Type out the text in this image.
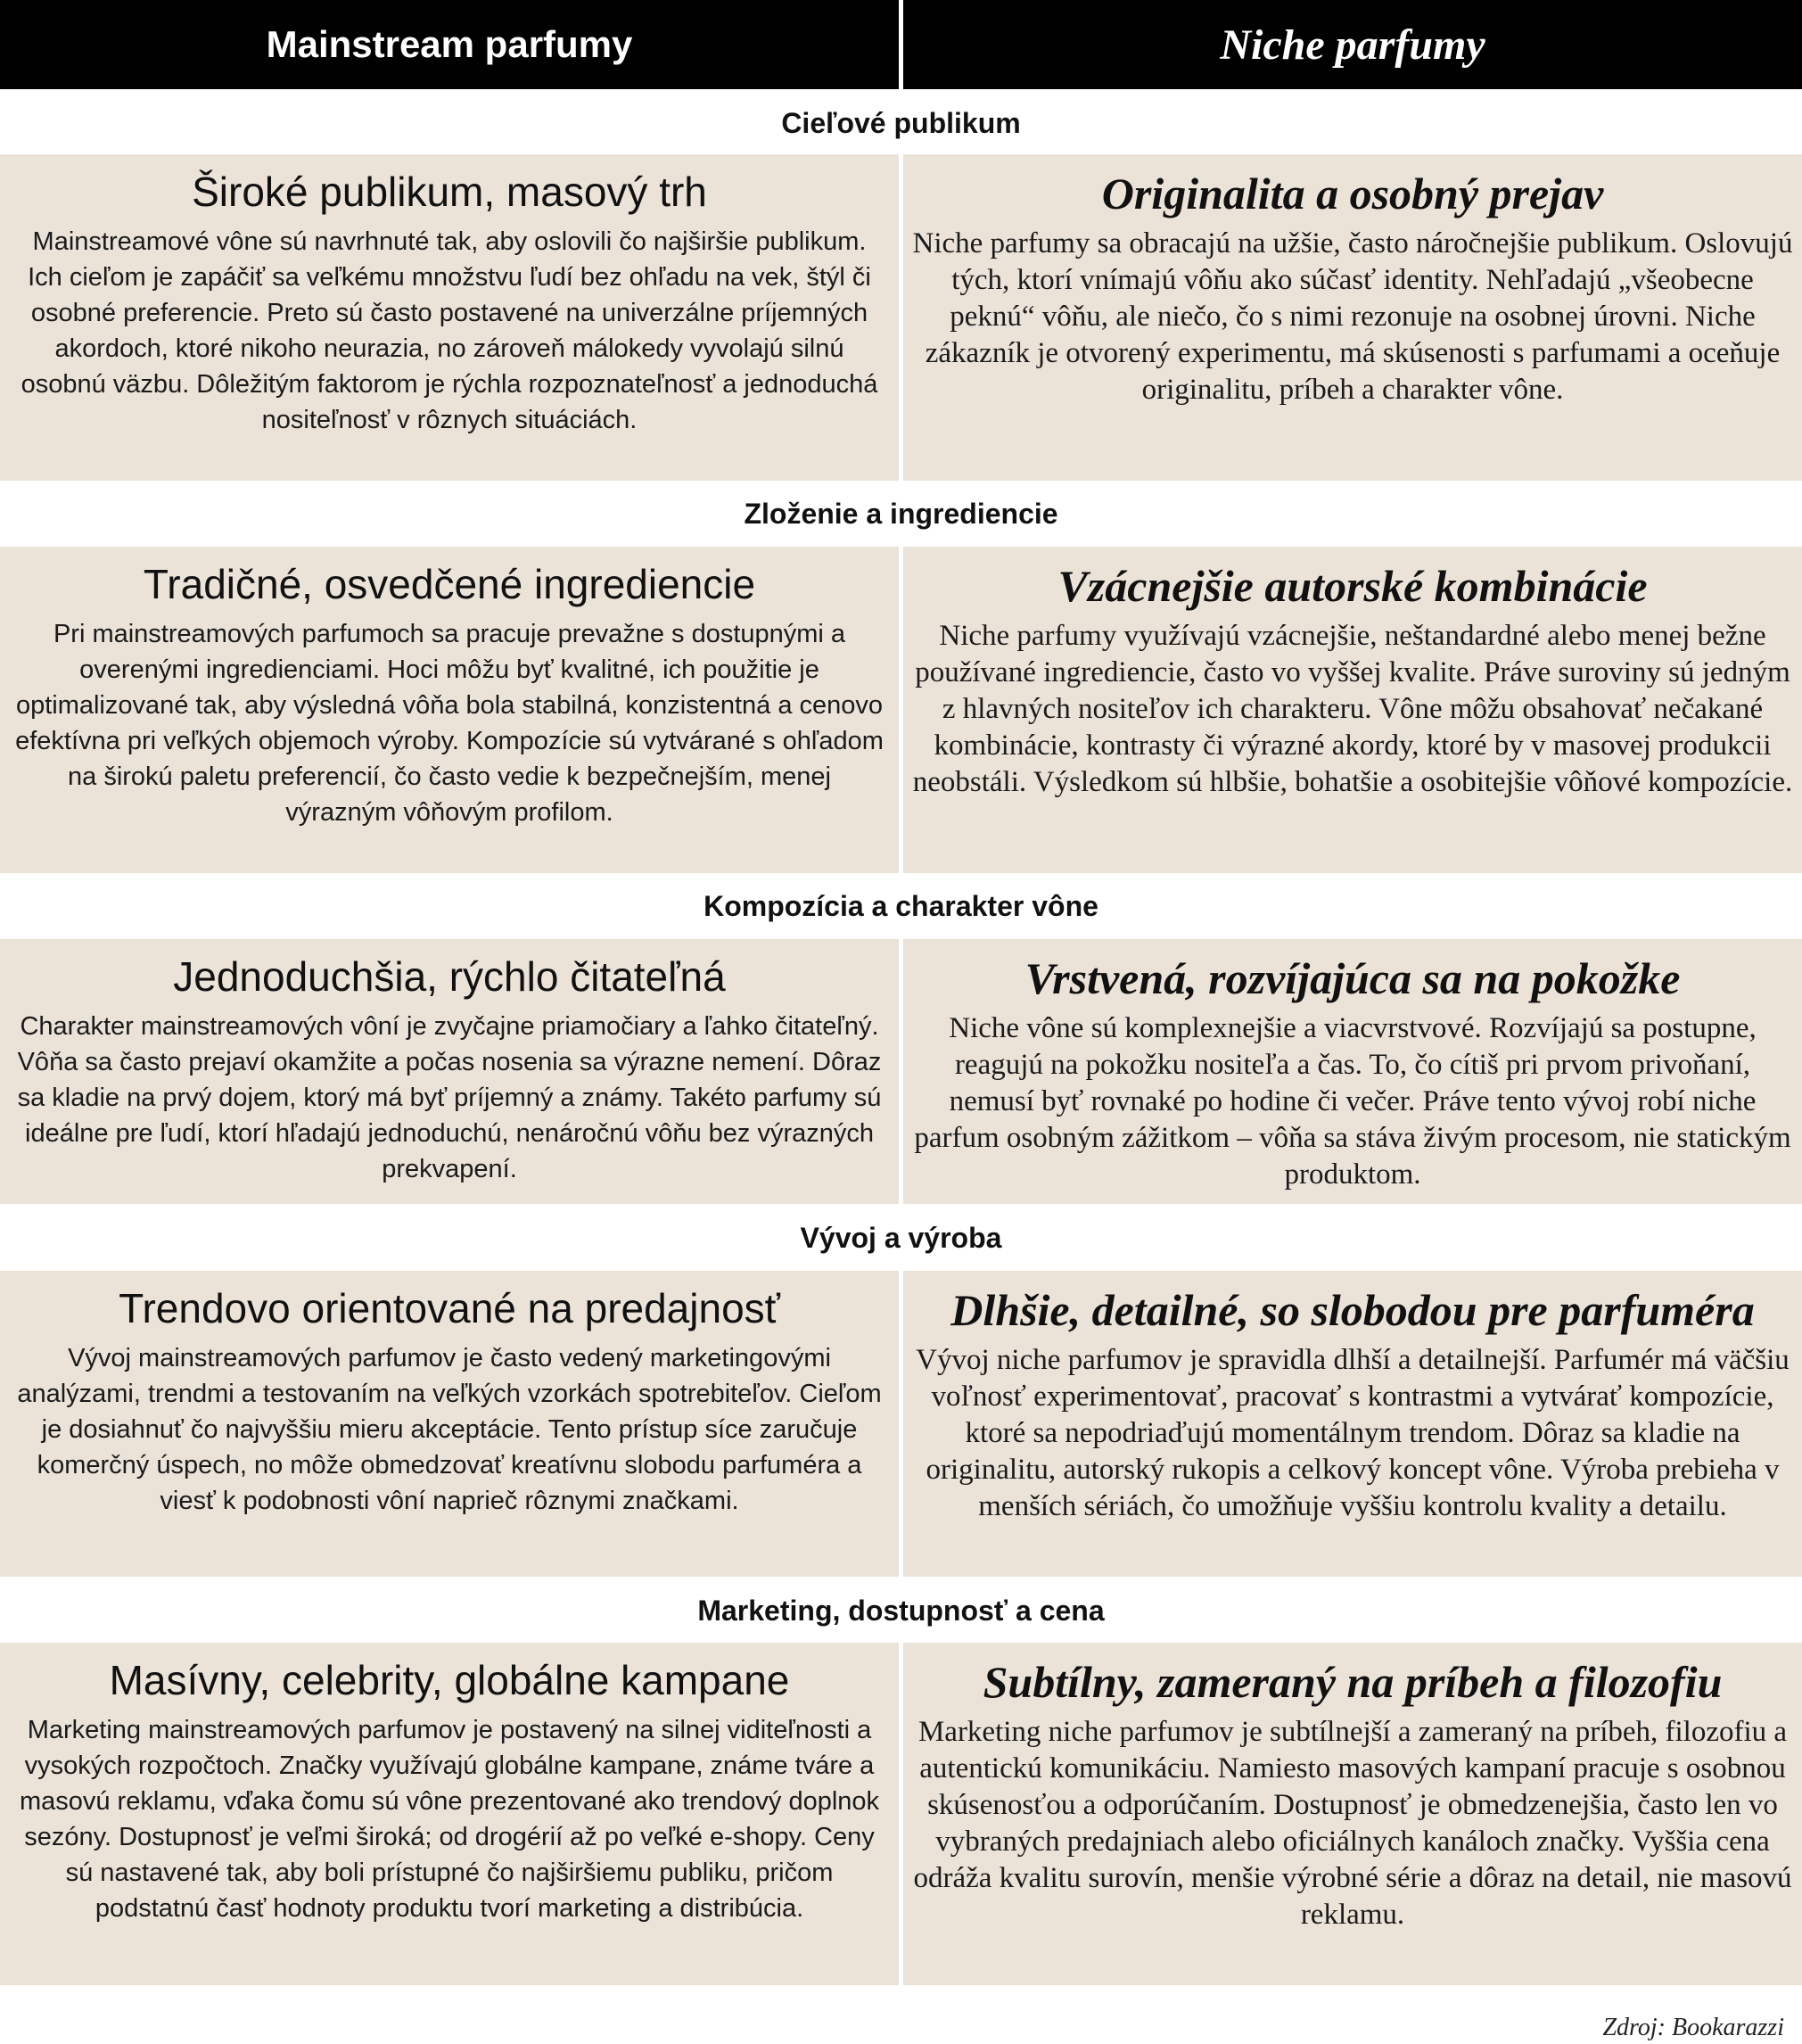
Mainstream parfumy	Niche parfumy
Cieľové publikum
Široké publikum, masový trh
Mainstreamové vône sú navrhnuté tak, aby oslovili čo najširšie publikum. Ich cieľom je zapáčiť sa veľkému množstvu ľudí bez ohľadu na vek, štýl či osobné preferencie. Preto sú často postavené na univerzálne príjemných akordoch, ktoré nikoho neurazia, no zároveň málokedy vyvolajú silnú osobnú väzbu. Dôležitým faktorom je rýchla rozpoznateľnosť a jednoduchá nositeľnosť v rôznych situáciách.
Originalita a osobný prejav
Niche parfumy sa obracajú na užšie, často náročnejšie publikum. Oslovujú tých, ktorí vnímajú vôňu ako súčasť identity. Nehľadajú „všeobecne peknú“ vôňu, ale niečo, čo s nimi rezonuje na osobnej úrovni. Niche zákazník je otvorený experimentu, má skúsenosti s parfumami a oceňuje originalitu, príbeh a charakter vône.
Zloženie a ingrediencie
Tradičné, osvedčené ingrediencie
Pri mainstreamových parfumoch sa pracuje prevažne s dostupnými a overenými ingredienciami. Hoci môžu byť kvalitné, ich použitie je optimalizované tak, aby výsledná vôňa bola stabilná, konzistentná a cenovo efektívna pri veľkých objemoch výroby. Kompozície sú vytvárané s ohľadom na širokú paletu preferencií, čo často vedie k bezpečnejším, menej výrazným vôňovým profilom.
Vzácnejšie autorské kombinácie
Niche parfumy využívajú vzácnejšie, neštandardné alebo menej bežne používané ingrediencie, často vo vyššej kvalite. Práve suroviny sú jedným z hlavných nositeľov ich charakteru. Vône môžu obsahovať nečakané kombinácie, kontrasty či výrazné akordy, ktoré by v masovej produkcii neobstáli. Výsledkom sú hlbšie, bohatšie a osobitejšie vôňové kompozície.
Kompozícia a charakter vône
Jednoduchšia, rýchlo čitateľná
Charakter mainstreamových vôní je zvyčajne priamočiary a ľahko čitateľný. Vôňa sa často prejaví okamžite a počas nosenia sa výrazne nemení. Dôraz sa kladie na prvý dojem, ktorý má byť príjemný a známy. Takéto parfumy sú ideálne pre ľudí, ktorí hľadajú jednoduchú, nenáročnú vôňu bez výrazných prekvapení.
Vrstvená, rozvíjajúca sa na pokožke
Niche vône sú komplexnejšie a viacvrstvové. Rozvíjajú sa postupne, reagujú na pokožku nositeľa a čas. To, čo cítiš pri prvom privoňaní, nemusí byť rovnaké po hodine či večer. Práve tento vývoj robí niche parfum osobným zážitkom – vôňa sa stáva živým procesom, nie statickým produktom.
Vývoj a výroba
Trendovo orientované na predajnosť
Vývoj mainstreamových parfumov je často vedený marketingovými analýzami, trendmi a testovaním na veľkých vzorkách spotrebiteľov. Cieľom je dosiahnuť čo najvyššiu mieru akceptácie. Tento prístup síce zaručuje komerčný úspech, no môže obmedzovať kreatívnu slobodu parfuméra a viesť k podobnosti vôní naprieč rôznymi značkami.
Dlhšie, detailné, so slobodou pre parfuméra
Vývoj niche parfumov je spravidla dlhší a detailnejší. Parfumér má väčšiu voľnosť experimentovať, pracovať s kontrastmi a vytvárať kompozície, ktoré sa nepodriaďujú momentálnym trendom. Dôraz sa kladie na originalitu, autorský rukopis a celkový koncept vône. Výroba prebieha v menších sériách, čo umožňuje vyššiu kontrolu kvality a detailu.
Marketing, dostupnosť a cena
Masívny, celebrity, globálne kampane
Marketing mainstreamových parfumov je postavený na silnej viditeľnosti a vysokých rozpočtoch. Značky využívajú globálne kampane, známe tváre a masovú reklamu, vďaka čomu sú vône prezentované ako trendový doplnok sezóny. Dostupnosť je veľmi široká; od drogérií až po veľké e-shopy. Ceny sú nastavené tak, aby boli prístupné čo najširšiemu publiku, pričom podstatnú časť hodnoty produktu tvorí marketing a distribúcia.
Subtílny, zameraný na príbeh a filozofiu
Marketing niche parfumov je subtílnejší a zameraný na príbeh, filozofiu a autentickú komunikáciu. Namiesto masových kampaní pracuje s osobnou skúsenosťou a odporúčaním. Dostupnosť je obmedzenejšia, často len vo vybraných predajniach alebo oficiálnych kanáloch značky. Vyššia cena odráža kvalitu surovín, menšie výrobné série a dôraz na detail, nie masovú reklamu.
Zdroj: Bookarazzi
